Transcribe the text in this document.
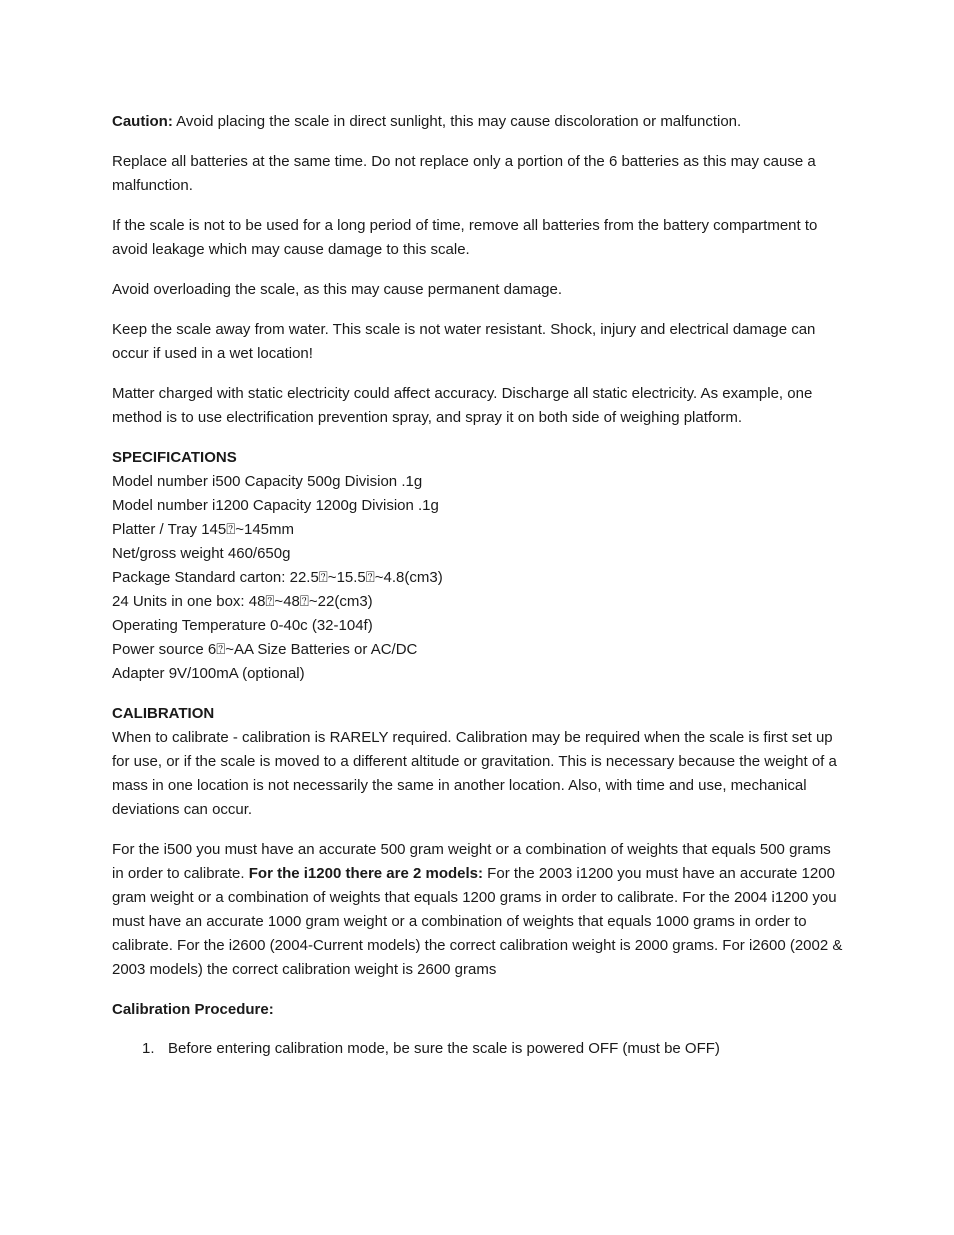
Caution: Avoid placing the scale in direct sunlight, this may cause discoloration or malfunction.

Replace all batteries at the same time. Do not replace only a portion of the 6 batteries as this may cause a malfunction.

If the scale is not to be used for a long period of time, remove all batteries from the battery compartment to avoid leakage which may cause damage to this scale.

Avoid overloading the scale, as this may cause permanent damage.

Keep the scale away from water. This scale is not water resistant. Shock, injury and electrical damage can occur if used in a wet location!

Matter charged with static electricity could affect accuracy. Discharge all static electricity. As example, one method is to use electrification prevention spray, and spray it on both side of weighing platform.

SPECIFICATIONS
Model number i500 Capacity 500g Division .1g
Model number i1200 Capacity 1200g Division .1g
Platter / Tray 145⍰~145mm
Net/gross weight 460/650g
Package Standard carton: 22.5⍰~15.5⍰~4.8(cm3)
24 Units in one box: 48⍰~48⍰~22(cm3)
Operating Temperature 0-40c (32-104f)
Power source 6⍰~AA Size Batteries or AC/DC
Adapter 9V/100mA (optional)
CALIBRATION

When to calibrate - calibration is RARELY required. Calibration may be required when the scale is first set up for use, or if the scale is moved to a different altitude or gravitation. This is necessary because the weight of a mass in one location is not necessarily the same in another location. Also, with time and use, mechanical deviations can occur.

For the i500 you must have an accurate 500 gram weight or a combination of weights that equals 500 grams in order to calibrate. For the i1200 there are 2 models: For the 2003 i1200 you must have an accurate 1200 gram weight or a combination of weights that equals 1200 grams in order to calibrate. For the 2004 i1200 you must have an accurate 1000 gram weight or a combination of weights that equals 1000 grams in order to calibrate. For the i2600 (2004-Current models) the correct calibration weight is 2000 grams. For i2600 (2002 & 2003 models) the correct calibration weight is 2600 grams

Calibration Procedure:
1. Before entering calibration mode, be sure the scale is powered OFF (must be OFF)
